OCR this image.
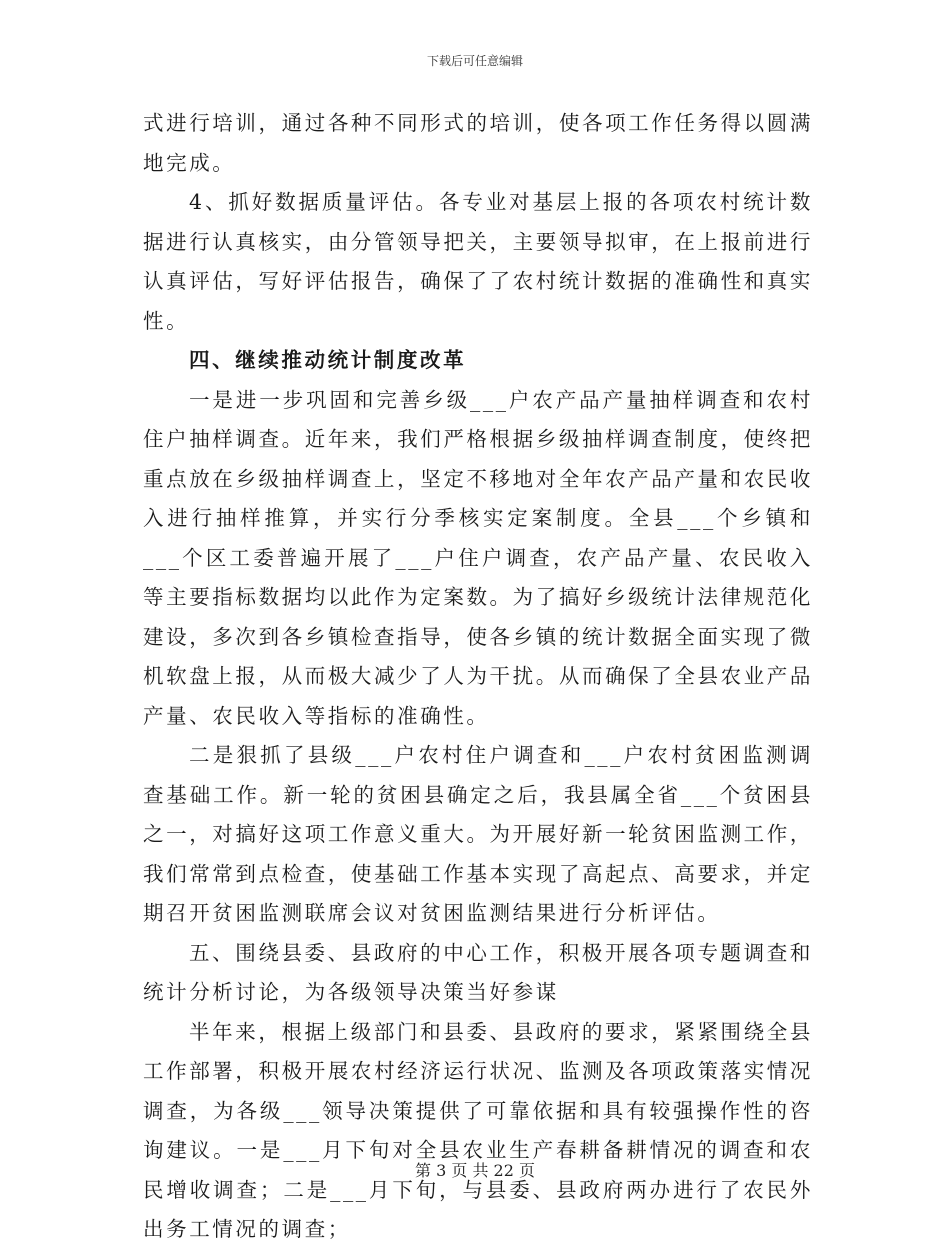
下载后可任意编辑

式进行培训，通过各种不同形式的培训，使各项工作任务得以圆满地完成。

4、抓好数据质量评估。各专业对基层上报的各项农村统计数据进行认真核实，由分管领导把关，主要领导拟审，在上报前进行认真评估，写好评估报告，确保了了农村统计数据的准确性和真实性。

四、继续推动统计制度改革

一是进一步巩固和完善乡级___户农产品产量抽样调查和农村住户抽样调查。近年来，我们严格根据乡级抽样调查制度，使终把重点放在乡级抽样调查上，坚定不移地对全年农产品产量和农民收入进行抽样推算，并实行分季核实定案制度。全县___个乡镇和___个区工委普遍开展了___户住户调查，农产品产量、农民收入等主要指标数据均以此作为定案数。为了搞好乡级统计法律规范化建设，多次到各乡镇检查指导，使各乡镇的统计数据全面实现了微机软盘上报，从而极大减少了人为干扰。从而确保了全县农业产品产量、农民收入等指标的准确性。

二是狠抓了县级___户农村住户调查和___户农村贫困监测调查基础工作。新一轮的贫困县确定之后，我县属全省___个贫困县之一，对搞好这项工作意义重大。为开展好新一轮贫困监测工作，我们常常到点检查，使基础工作基本实现了高起点、高要求，并定期召开贫困监测联席会议对贫困监测结果进行分析评估。

五、围绕县委、县政府的中心工作，积极开展各项专题调查和统计分析讨论，为各级领导决策当好参谋

半年来，根据上级部门和县委、县政府的要求，紧紧围绕全县工作部署，积极开展农村经济运行状况、监测及各项政策落实情况调查，为各级___领导决策提供了可靠依据和具有较强操作性的咨询建议。一是___月下旬对全县农业生产春耕备耕情况的调查和农民增收调查；二是___月下旬，与县委、县政府两办进行了农民外出务工情况的调查；

第 3 页 共 22 页
